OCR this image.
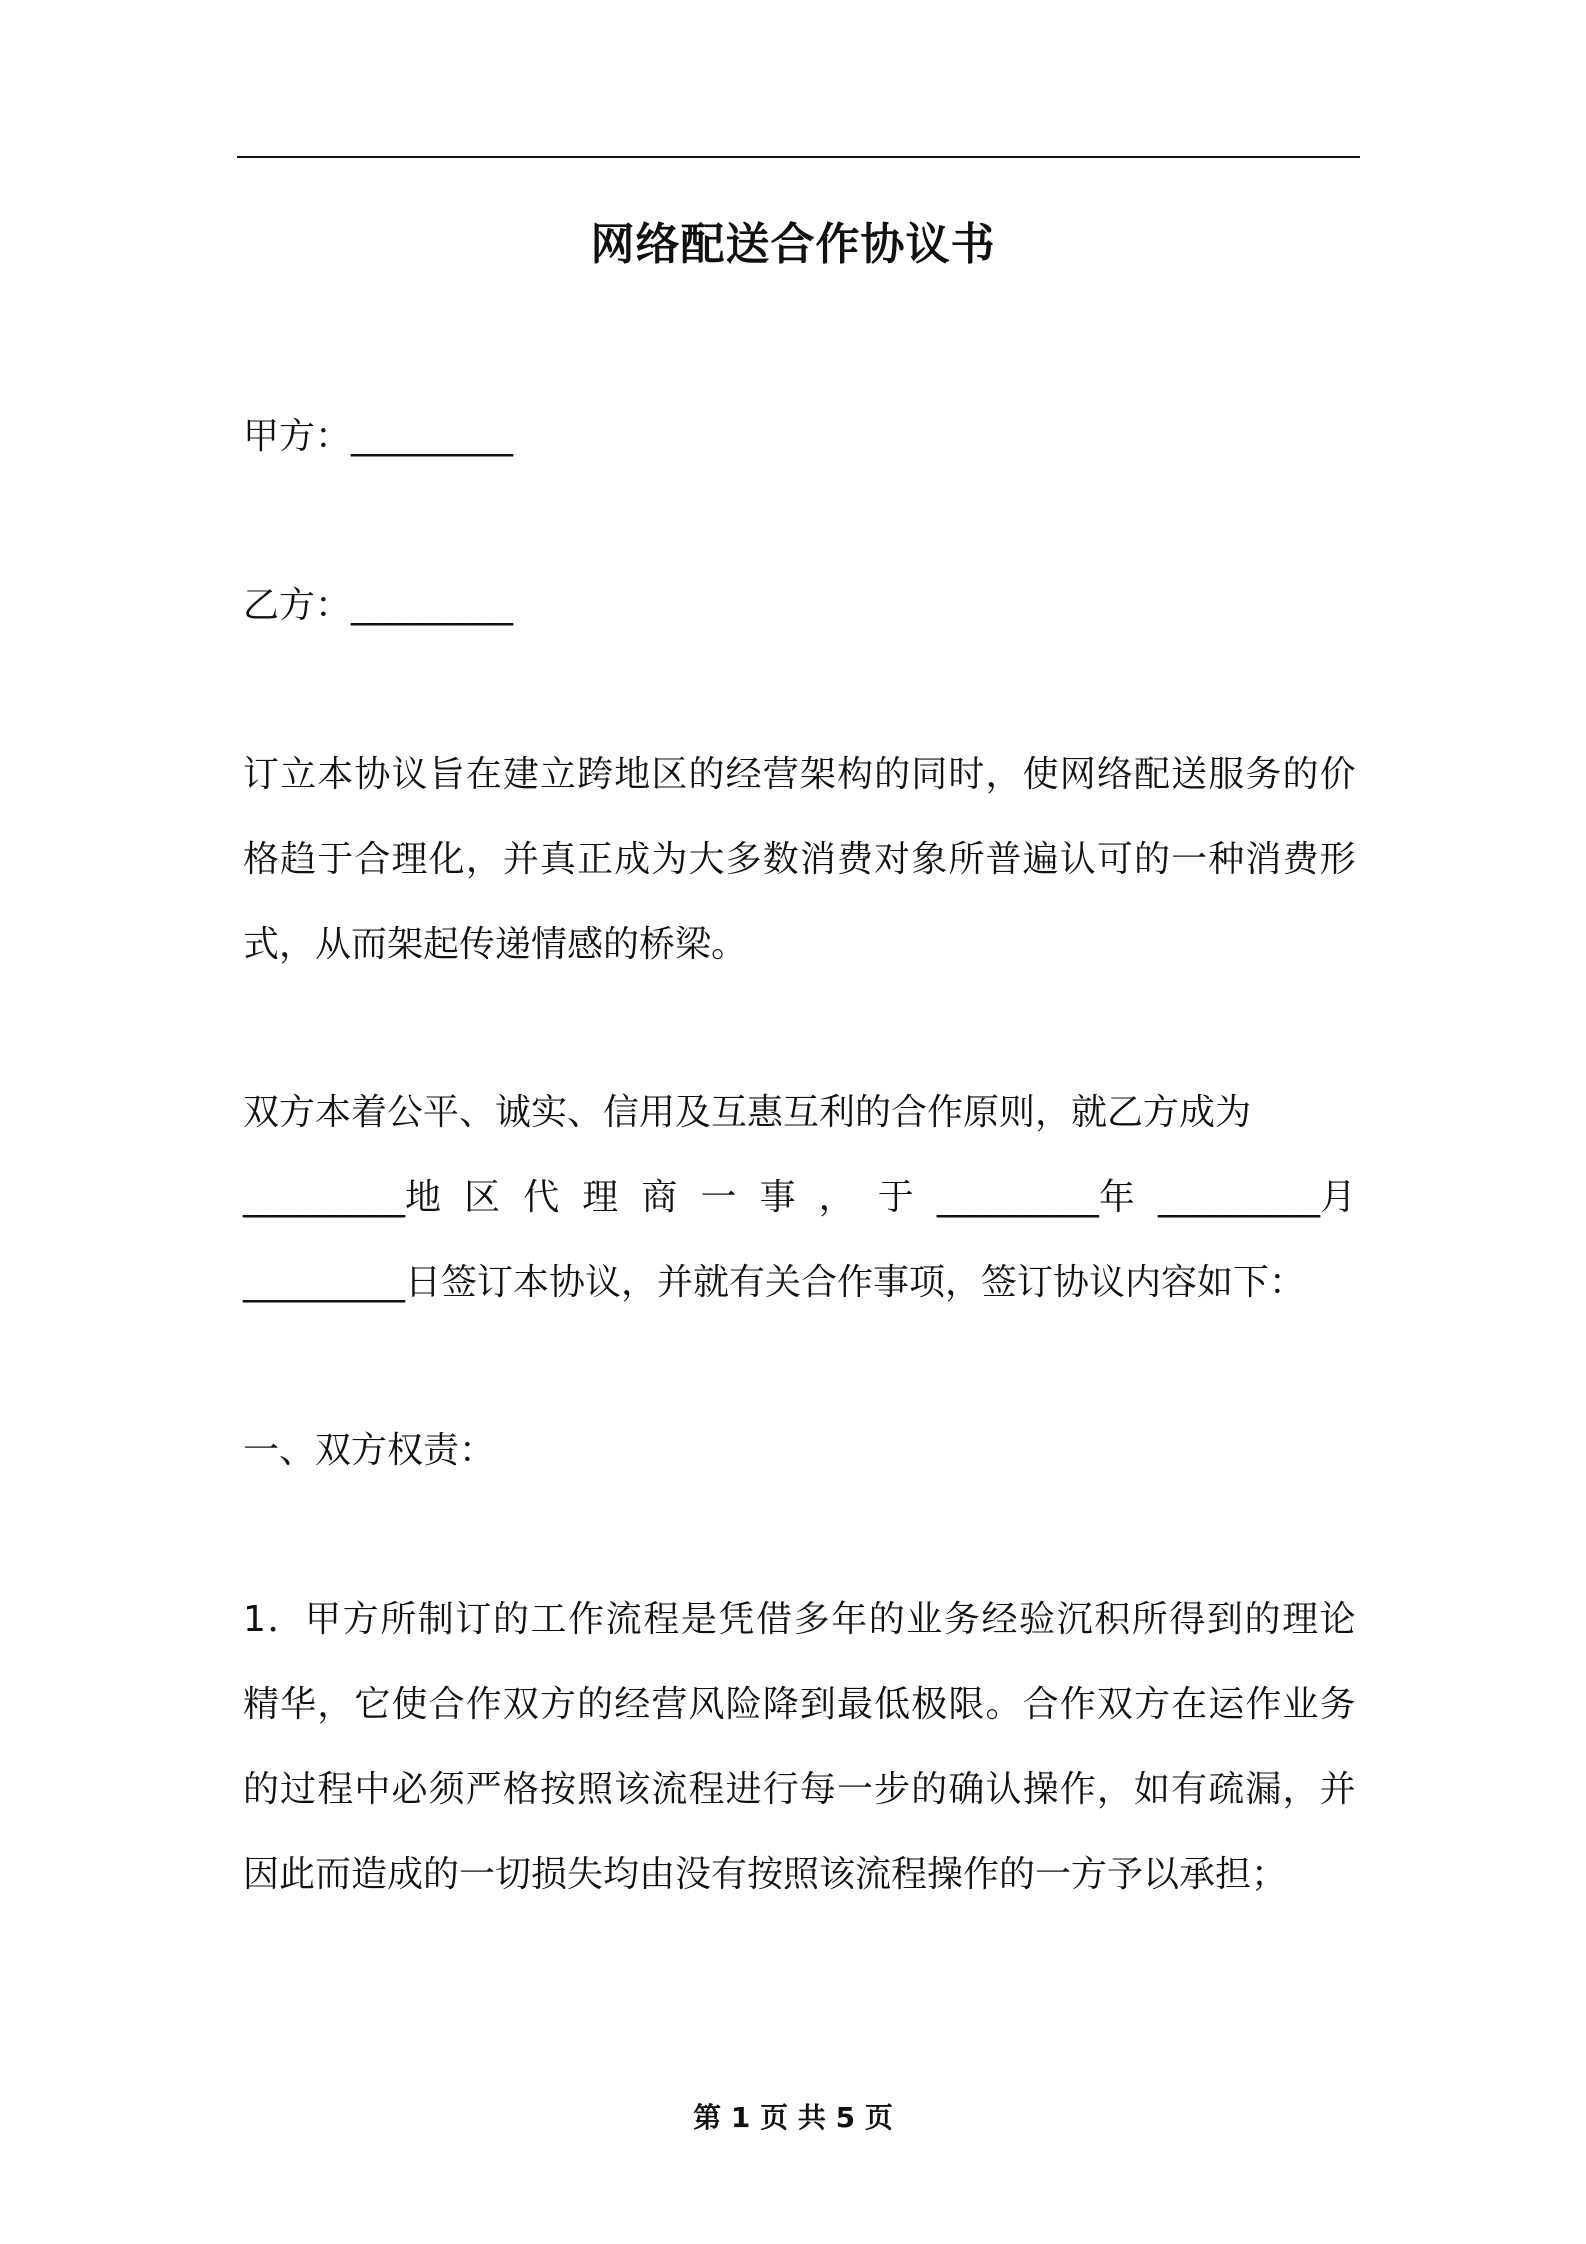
网络配送合作协议书
甲方：_________
乙方：_________
订 立 本 协 议 旨 在 建 立 跨 地 区 的 经 营 架 构 的 同 时 ， 使 网 络 配 送 服 务 的 价
格 趋 于 合 理 化 ， 并 真 正 成 为 大 多 数 消 费 对 象 所 普 遍 认 可 的 一 种 消 费 形
式，从而架起传递情感的桥梁。
双方本着公平、诚实、信用及互惠互利的合作原则，就乙方成为
_________地 区 代 理 商 一 事 ， 于 _________年 _________月
_________日签订本协议，并就有关合作事项，签订协议内容如下：
一、双方权责：
1 ． 甲 方 所 制 订 的 工 作 流 程 是 凭 借 多 年 的 业 务 经 验 沉 积 所 得 到 的 理 论
精 华 ， 它 使 合 作 双 方 的 经 营 风 险 降 到 最 低 极 限 。 合 作 双 方 在 运 作 业 务
的 过 程 中 必 须 严 格 按 照 该 流 程 进 行 每 一 步 的 确 认 操 作 ， 如 有 疏 漏 ， 并
因此而造成的一切损失均由没有按照该流程操作的一方予以承担；
第 1 页 共 5 页
